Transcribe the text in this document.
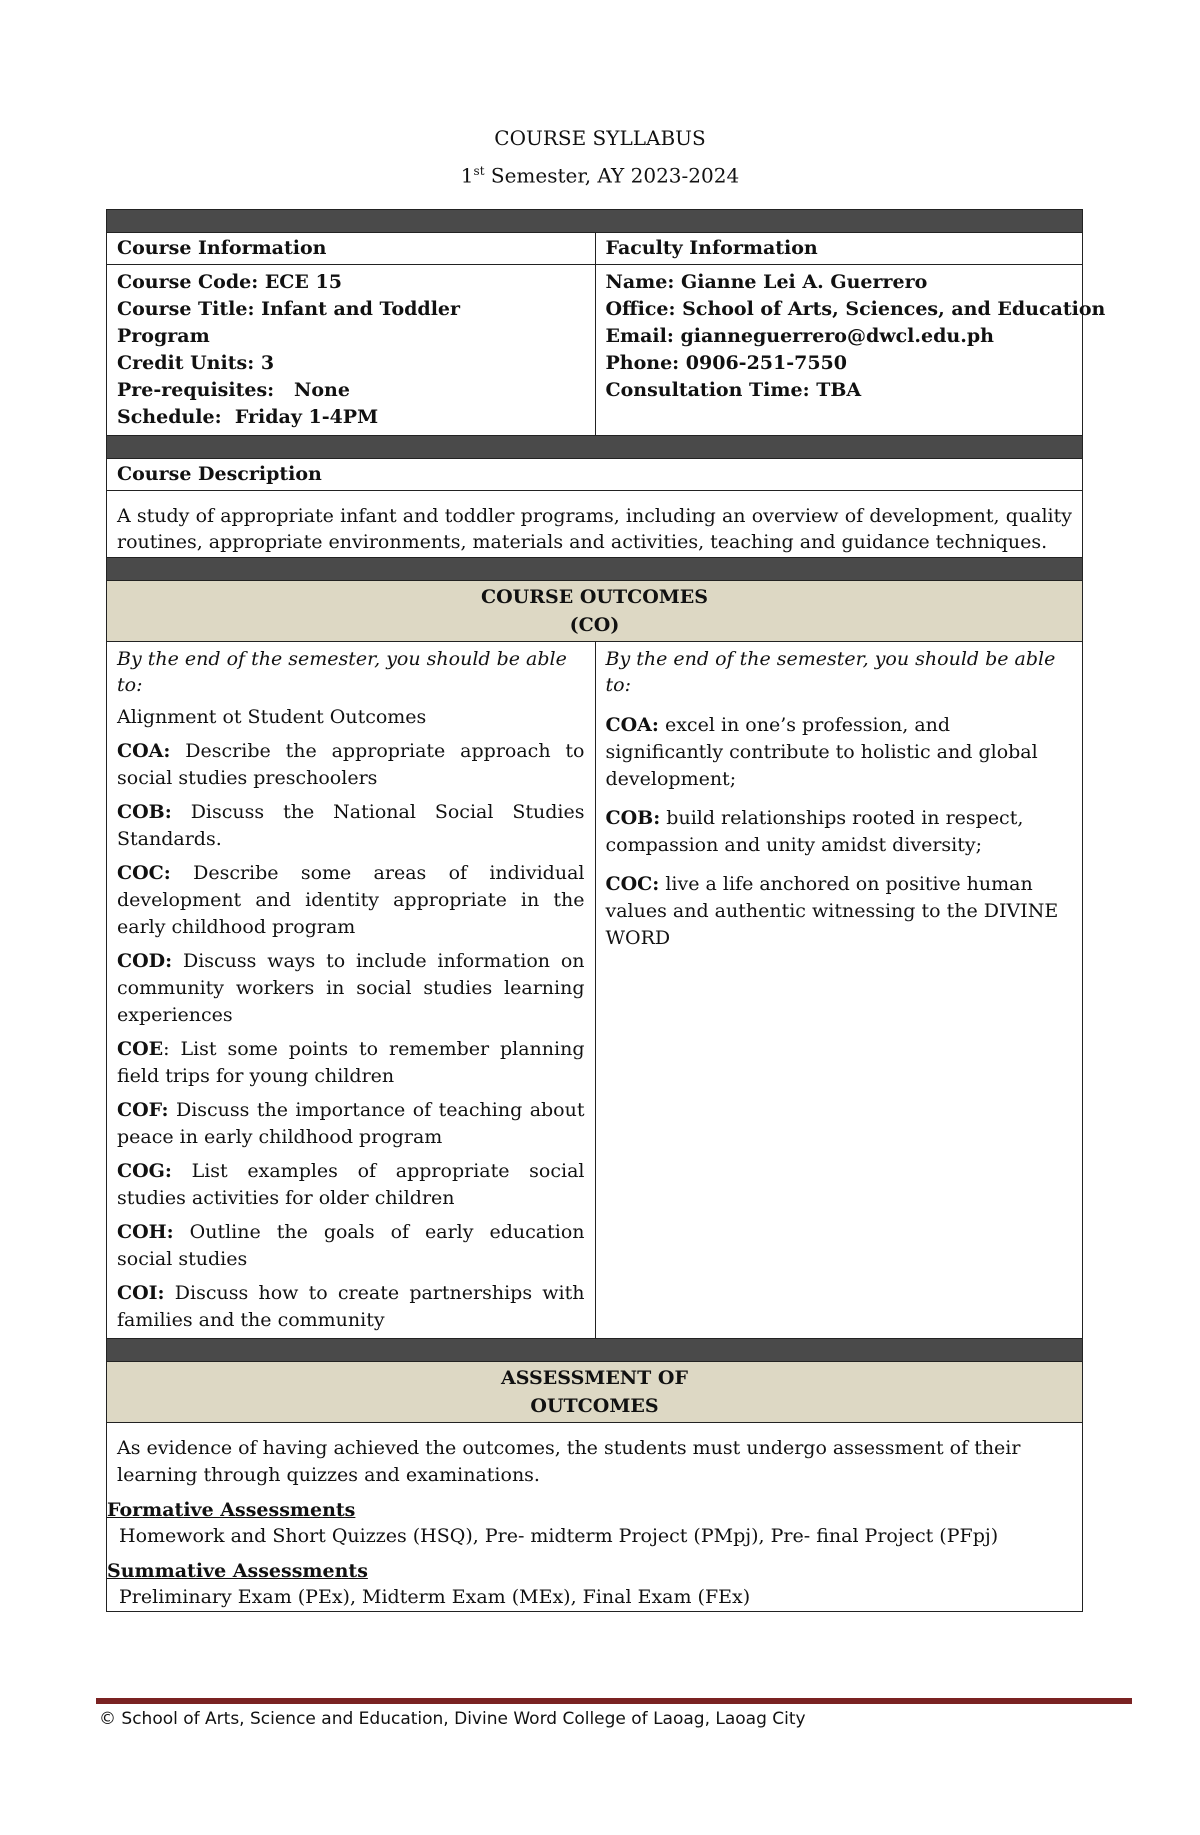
COURSE SYLLABUS
1st Semester, AY 2023-2024
Course Information	Faculty Information
Course Code: ECE 15
Course Title: Infant and Toddler
Program
Credit Units: 3
Pre-requisites:   None
Schedule:  Friday 1-4PM
Name: Gianne Lei A. Guerrero
Office: School of Arts, Sciences, and Education
Email: gianneguerrero@dwcl.edu.ph
Phone: 0906-251-7550
Consultation Time: TBA
Course Description
A study of appropriate infant and toddler programs, including an overview of development, quality routines, appropriate environments, materials and activities, teaching and guidance techniques.
COURSE OUTCOMES
(CO)
By the end of the semester, you should be able to:
Alignment ot Student Outcomes
COA: Describe the appropriate approach to social studies preschoolers
COB: Discuss the National Social Studies Standards.
COC: Describe some areas of individual development and identity appropriate in the early childhood program
COD: Discuss ways to include information on community workers in social studies learning experiences
COE: List some points to remember planning field trips for young children
COF: Discuss the importance of teaching about peace in early childhood program
COG: List examples of appropriate social studies activities for older children
COH: Outline the goals of early education social studies
COI: Discuss how to create partnerships with families and the community
By the end of the semester, you should be able to:
COA: excel in one’s profession, and significantly contribute to holistic and global development;
COB: build relationships rooted in respect, compassion and unity amidst diversity;
COC: live a life anchored on positive human values and authentic witnessing to the DIVINE WORD
ASSESSMENT OF
OUTCOMES
As evidence of having achieved the outcomes, the students must undergo assessment of their learning through quizzes and examinations.
Formative Assessments
Homework and Short Quizzes (HSQ), Pre- midterm Project (PMpj), Pre- final Project (PFpj)
Summative Assessments
Preliminary Exam (PEx), Midterm Exam (MEx), Final Exam (FEx)
© School of Arts, Science and Education, Divine Word College of Laoag, Laoag City
